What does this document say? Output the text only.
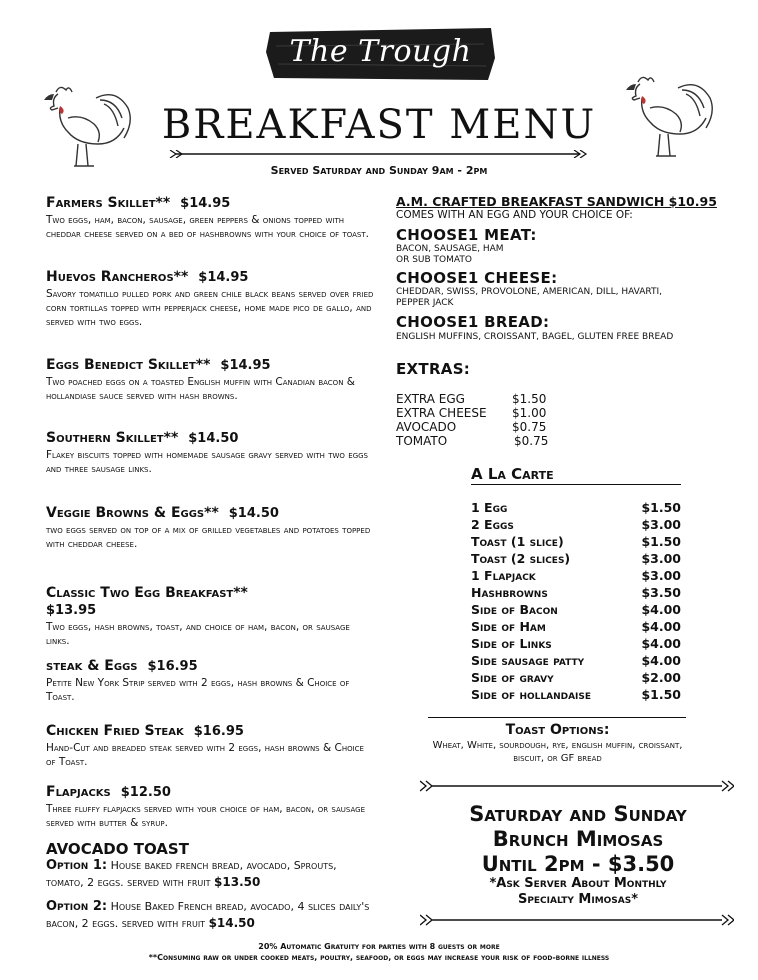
The Trough
BREAKFAST MENU
Served Saturday and Sunday 9am - 2pm
Farmers Skillet** $14.95
Two eggs, ham, bacon, sausage, green peppers & onions topped with cheddar cheese served on a bed of hashbrowns with your choice of toast.
Huevos Rancheros** $14.95
Savory tomatillo pulled pork and green chile black beans served over fried corn tortillas topped with pepperjack cheese, home made pico de gallo, and served with two eggs.
Eggs Benedict Skillet** $14.95
Two poached eggs on a toasted English muffin with Canadian bacon & hollandiase sauce served with hash browns.
Southern Skillet** $14.50
Flakey biscuits topped with homemade sausage gravy served with two eggs and three sausage links.
Veggie Browns & Eggs** $14.50
two eggs served on top of a mix of grilled vegetables and potatoes topped with cheddar cheese.
Classic Two Egg Breakfast**
$13.95
Two eggs, hash browns, toast, and choice of ham, bacon, or sausage links.
steak & Eggs $16.95
Petite New York Strip served with 2 eggs, hash browns & Choice of Toast.
Chicken Fried Steak $16.95
Hand-Cut and breaded steak served with 2 eggs, hash browns & Choice of Toast.
Flapjacks $12.50
Three fluffy flapjacks served with your choice of ham, bacon, or sausage served with butter & syrup.
AVOCADO TOAST
Option 1: House baked french bread, avocado, Sprouts, tomato, 2 eggs. served with fruit $13.50
Option 2: House Baked French bread, avocado, 4 slices daily's bacon, 2 eggs. served with fruit $14.50
A.M. CRAFTED BREAKFAST SANDWICH $10.95
COMES WITH AN EGG AND YOUR CHOICE OF:
CHOOSE1 MEAT:
BACON, SAUSAGE, HAM
OR SUB TOMATO
CHOOSE1 CHEESE:
CHEDDAR, SWISS, PROVOLONE, AMERICAN, DILL, HAVARTI,
PEPPER JACK
CHOOSE1 BREAD:
ENGLISH MUFFINS, CROISSANT, BAGEL, GLUTEN FREE BREAD
EXTRAS:
EXTRA EGG	$1.50
EXTRA CHEESE $1.00
AVOCADO	$0.75
TOMATO	$0.75
A La Carte
1 Egg	$1.50
2 Eggs	$3.00
Toast (1 slice)	$1.50
Toast (2 slices)	$3.00
1 Flapjack	$3.00
Hashbrowns	$3.50
Side of Bacon	$4.00
Side of Ham	$4.00
Side of Links	$4.00
Side sausage patty	$4.00
Side of gravy	$2.00
Side of hollandaise	$1.50
Toast Options:
Wheat, White, sourdough, rye, english muffin, croissant, biscuit, or GF bread
Saturday and Sunday
Brunch Mimosas
Until 2pm - $3.50
*Ask Server About Monthly
Specialty Mimosas*
20% Automatic Gratuity for parties with 8 guests or more
**Consuming raw or under cooked meats, poultry, seafood, or eggs may increase your risk of food-borne illness
